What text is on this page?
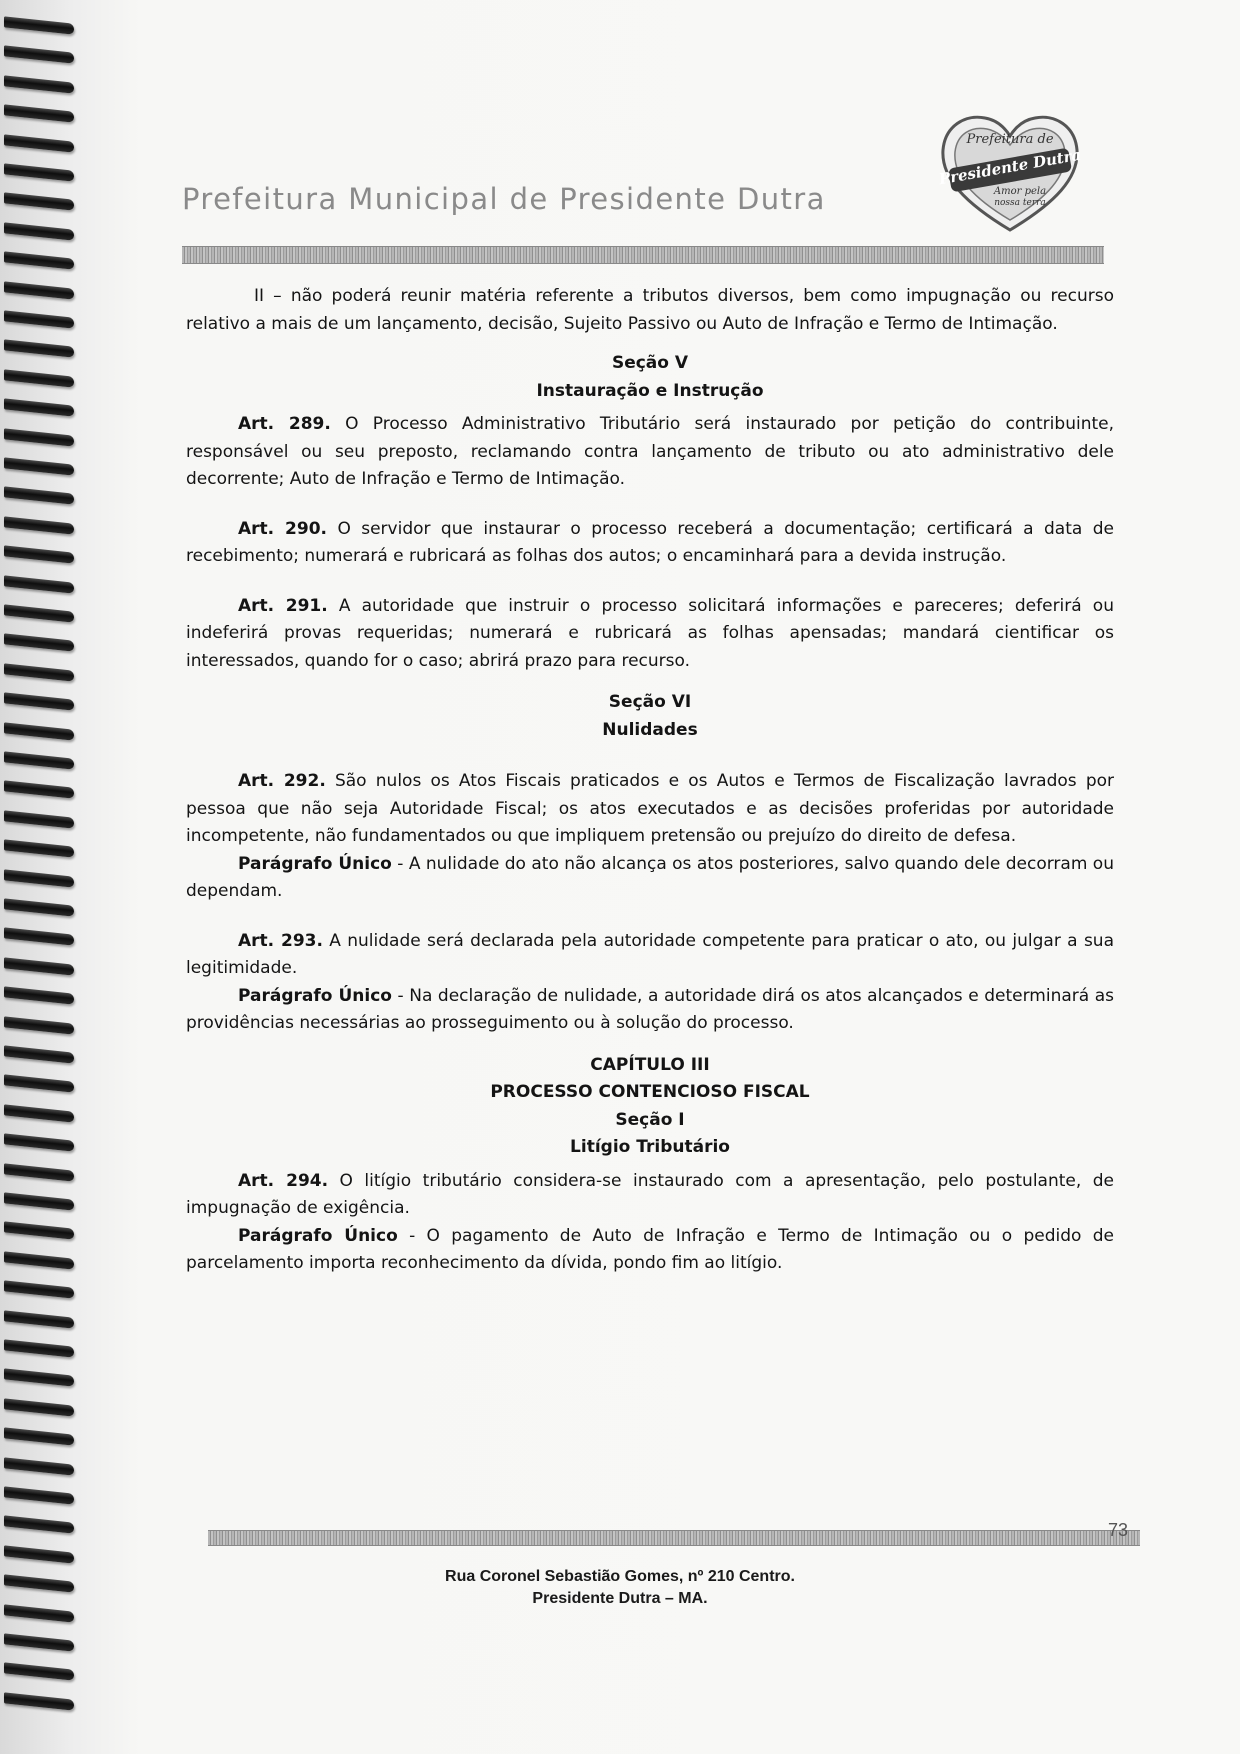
Prefeitura Municipal de Presidente Dutra
Prefeitura de
Presidente Dutra
Amor pela
nossa terra

II – não poderá reunir matéria referente a tributos diversos, bem como impugnação ou recurso relativo a mais de um lançamento, decisão, Sujeito Passivo ou Auto de Infração e Termo de Intimação.

Seção V

Instauração e Instrução

Art. 289. O Processo Administrativo Tributário será instaurado por petição do contribuinte, responsável ou seu preposto, reclamando contra lançamento de tributo ou ato administrativo dele decorrente; Auto de Infração e Termo de Intimação.

Art. 290. O servidor que instaurar o processo receberá a documentação; certificará a data de recebimento; numerará e rubricará as folhas dos autos; o encaminhará para a devida instrução.

Art. 291. A autoridade que instruir o processo solicitará informações e pareceres; deferirá ou indeferirá provas requeridas; numerará e rubricará as folhas apensadas; mandará cientificar os interessados, quando for o caso; abrirá prazo para recurso.

Seção VI

Nulidades

Art. 292. São nulos os Atos Fiscais praticados e os Autos e Termos de Fiscalização lavrados por pessoa que não seja Autoridade Fiscal; os atos executados e as decisões proferidas por autoridade incompetente, não fundamentados ou que impliquem pretensão ou prejuízo do direito de defesa.

Parágrafo Único - A nulidade do ato não alcança os atos posteriores, salvo quando dele decorram ou dependam.

Art. 293. A nulidade será declarada pela autoridade competente para praticar o ato, ou julgar a sua legitimidade.

Parágrafo Único - Na declaração de nulidade, a autoridade dirá os atos alcançados e determinará as providências necessárias ao prosseguimento ou à solução do processo.

CAPÍTULO III

PROCESSO CONTENCIOSO FISCAL

Seção I

Litígio Tributário

Art. 294. O litígio tributário considera-se instaurado com a apresentação, pelo postulante, de impugnação de exigência.

Parágrafo Único - O pagamento de Auto de Infração e Termo de Intimação ou o pedido de parcelamento importa reconhecimento da dívida, pondo fim ao litígio.

73
Rua Coronel Sebastião Gomes, nº 210 Centro.
Presidente Dutra – MA.
